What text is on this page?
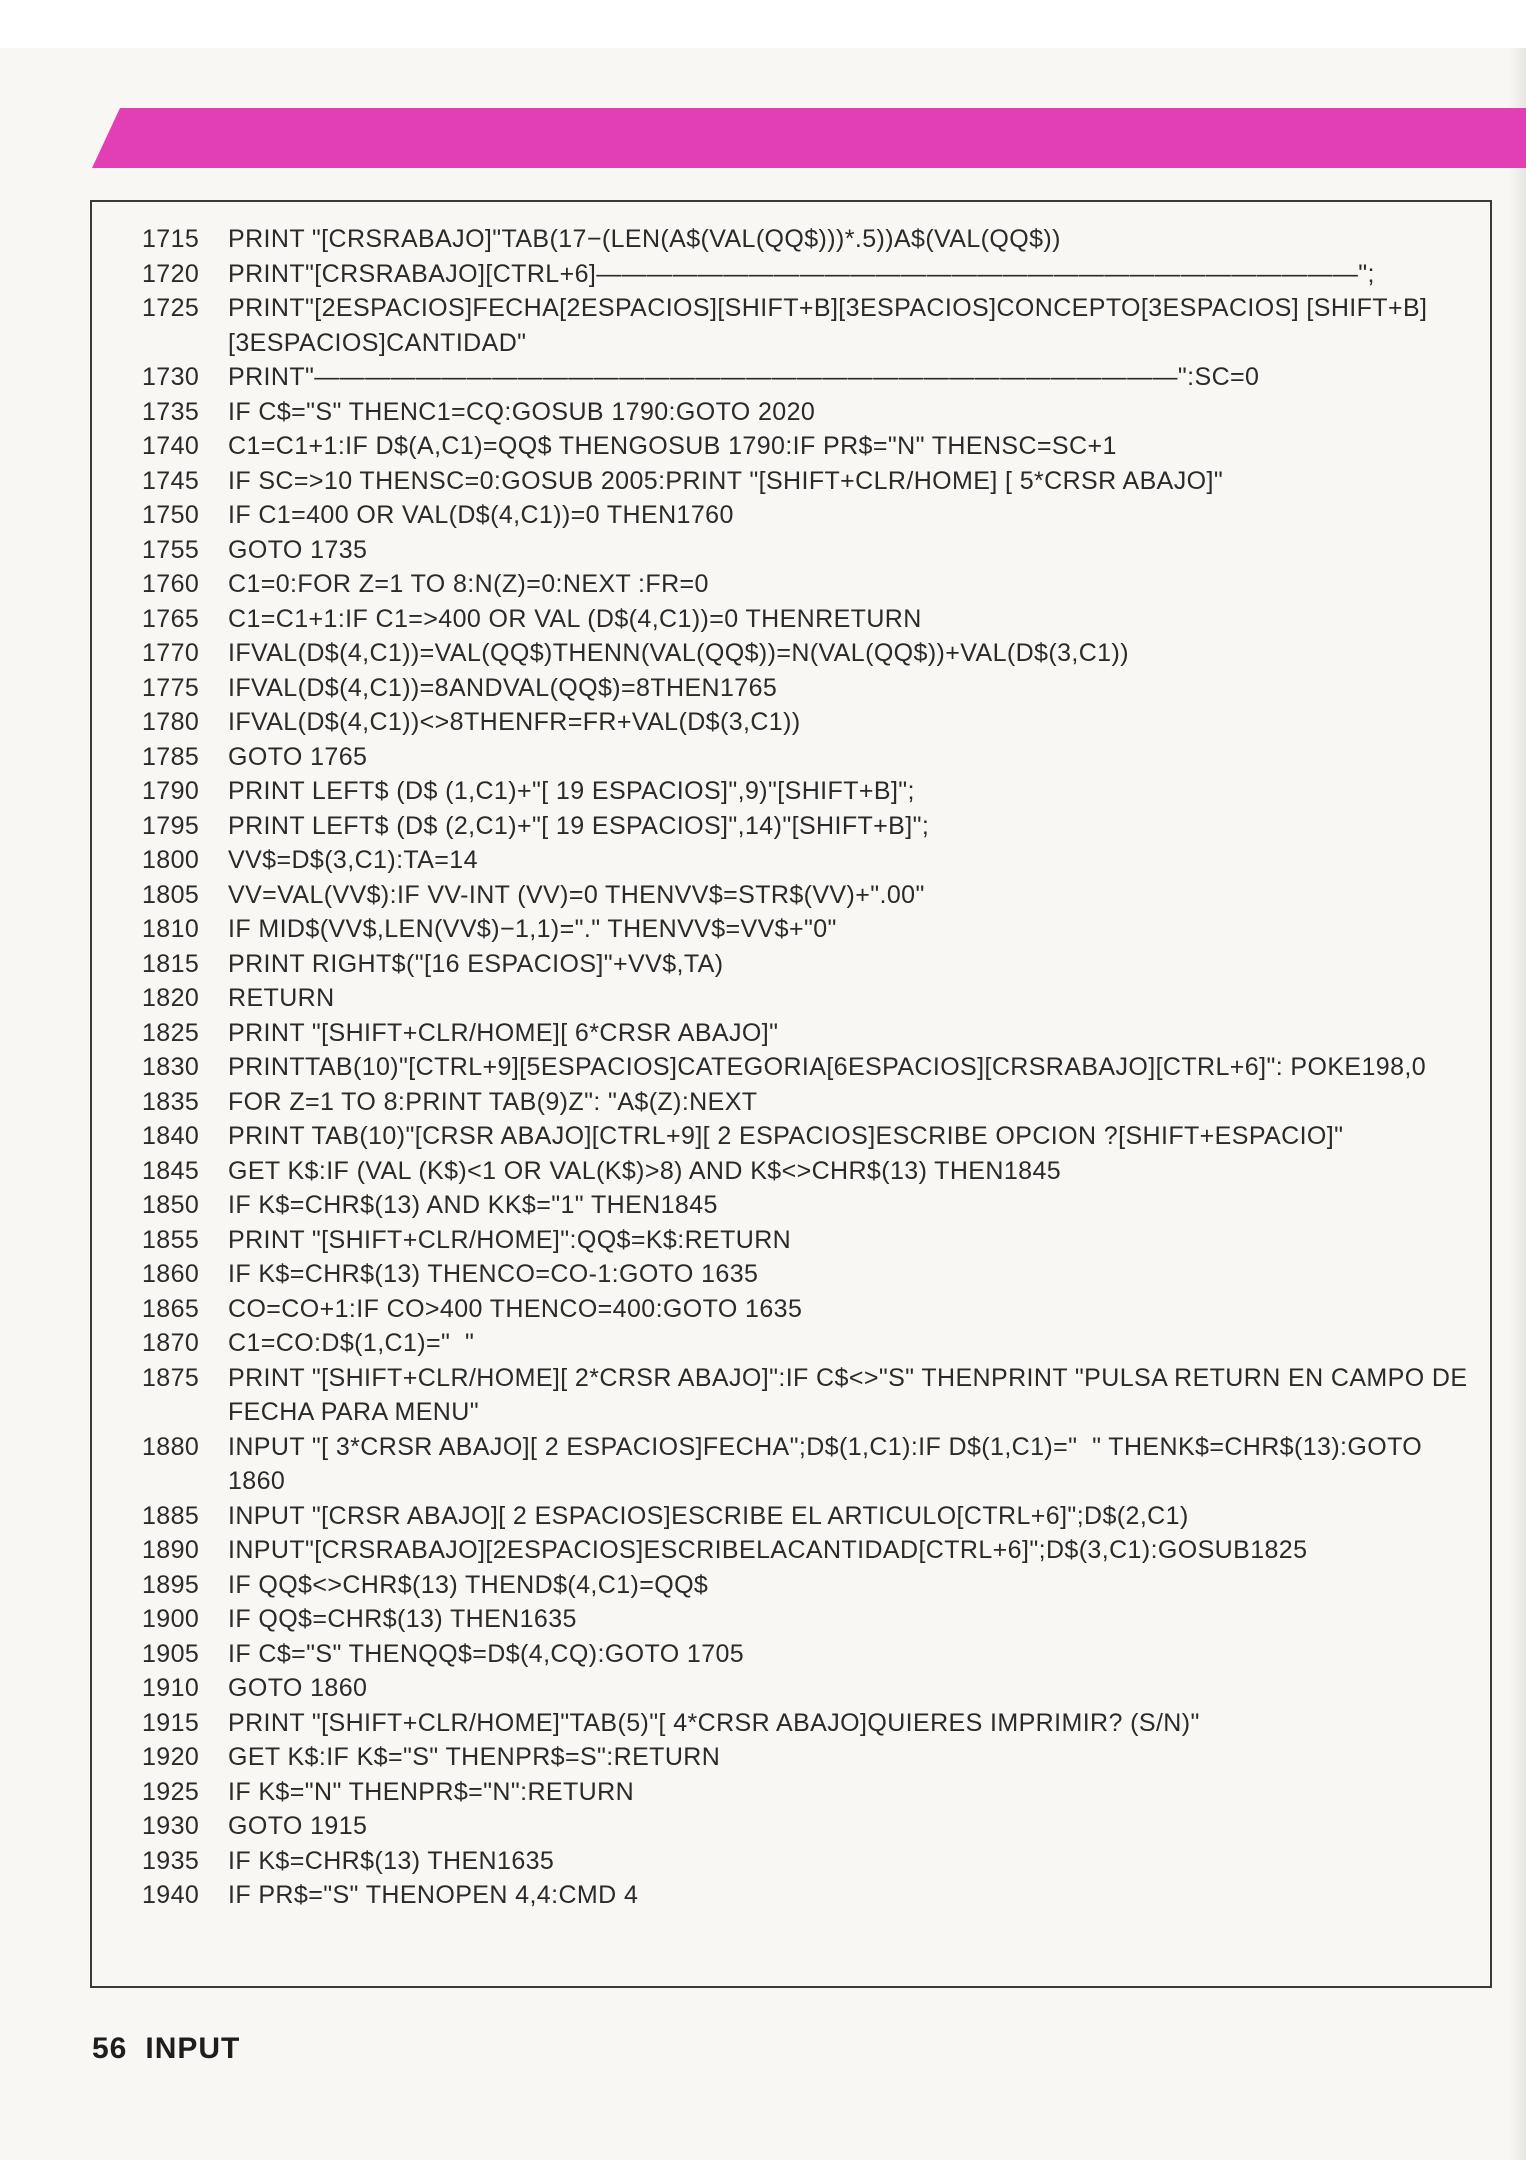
1715	PRINT "[CRSRABAJO]"TAB(17−(LEN(A$(VAL(QQ$)))*.5))A$(VAL(QQ$))
1720	PRINT"[CRSRABAJO][CTRL+6]——————————————————————————————";
1725	PRINT"[2ESPACIOS]FECHA[2ESPACIOS][SHIFT+B][3ESPACIOS]CONCEPTO[3ESPACIOS] [SHIFT+B][3ESPACIOS]CANTIDAD"
1730	PRINT"——————————————————————————————————":SC=0
1735	IF C$="S" THENC1=CQ:GOSUB 1790:GOTO 2020
1740	C1=C1+1:IF D$(A,C1)=QQ$ THENGOSUB 1790:IF PR$="N" THENSC=SC+1
1745	IF SC=>10 THENSC=0:GOSUB 2005:PRINT "[SHIFT+CLR/HOME] [ 5*CRSR ABAJO]"
1750	IF C1=400 OR VAL(D$(4,C1))=0 THEN1760
1755	GOTO 1735
1760	C1=0:FOR Z=1 TO 8:N(Z)=0:NEXT :FR=0
1765	C1=C1+1:IF C1=>400 OR VAL (D$(4,C1))=0 THENRETURN
1770	IFVAL(D$(4,C1))=VAL(QQ$)THENN(VAL(QQ$))=N(VAL(QQ$))+VAL(D$(3,C1))
1775	IFVAL(D$(4,C1))=8ANDVAL(QQ$)=8THEN1765
1780	IFVAL(D$(4,C1))<>8THENFR=FR+VAL(D$(3,C1))
1785	GOTO 1765
1790	PRINT LEFT$ (D$ (1,C1)+"[ 19 ESPACIOS]",9)"[SHIFT+B]";
1795	PRINT LEFT$ (D$ (2,C1)+"[ 19 ESPACIOS]",14)"[SHIFT+B]";
1800	VV$=D$(3,C1):TA=14
1805	VV=VAL(VV$):IF VV-INT (VV)=0 THENVV$=STR$(VV)+".00"
1810	IF MID$(VV$,LEN(VV$)−1,1)="." THENVV$=VV$+"0"
1815	PRINT RIGHT$("[16 ESPACIOS]"+VV$,TA)
1820	RETURN
1825	PRINT "[SHIFT+CLR/HOME][ 6*CRSR ABAJO]"
1830	PRINTTAB(10)"[CTRL+9][5ESPACIOS]CATEGORIA[6ESPACIOS][CRSRABAJO][CTRL+6]": POKE198,0
1835	FOR Z=1 TO 8:PRINT TAB(9)Z": "A$(Z):NEXT
1840	PRINT TAB(10)"[CRSR ABAJO][CTRL+9][ 2 ESPACIOS]ESCRIBE OPCION ?[SHIFT+ESPACIO]"
1845	GET K$:IF (VAL (K$)<1 OR VAL(K$)>8) AND K$<>CHR$(13) THEN1845
1850	IF K$=CHR$(13) AND KK$="1" THEN1845
1855	PRINT "[SHIFT+CLR/HOME]":QQ$=K$:RETURN
1860	IF K$=CHR$(13) THENCO=CO-1:GOTO 1635
1865	CO=CO+1:IF CO>400 THENCO=400:GOTO 1635
1870	C1=CO:D$(1,C1)="  "
1875	PRINT "[SHIFT+CLR/HOME][ 2*CRSR ABAJO]":IF C$<>"S" THENPRINT "PULSA RETURN EN CAMPO DE FECHA PARA MENU"
1880	INPUT "[ 3*CRSR ABAJO][ 2 ESPACIOS]FECHA";D$(1,C1):IF D$(1,C1)="  " THENK$=CHR$(13):GOTO 1860
1885	INPUT "[CRSR ABAJO][ 2 ESPACIOS]ESCRIBE EL ARTICULO[CTRL+6]";D$(2,C1)
1890	INPUT"[CRSRABAJO][2ESPACIOS]ESCRIBELACANTIDAD[CTRL+6]";D$(3,C1):GOSUB1825
1895	IF QQ$<>CHR$(13) THEND$(4,C1)=QQ$
1900	IF QQ$=CHR$(13) THEN1635
1905	IF C$="S" THENQQ$=D$(4,CQ):GOTO 1705
1910	GOTO 1860
1915	PRINT "[SHIFT+CLR/HOME]"TAB(5)"[ 4*CRSR ABAJO]QUIERES IMPRIMIR? (S/N)"
1920	GET K$:IF K$="S" THENPR$=S":RETURN
1925	IF K$="N" THENPR$="N":RETURN
1930	GOTO 1915
1935	IF K$=CHR$(13) THEN1635
1940	IF PR$="S" THENOPEN 4,4:CMD 4
56 INPUT
